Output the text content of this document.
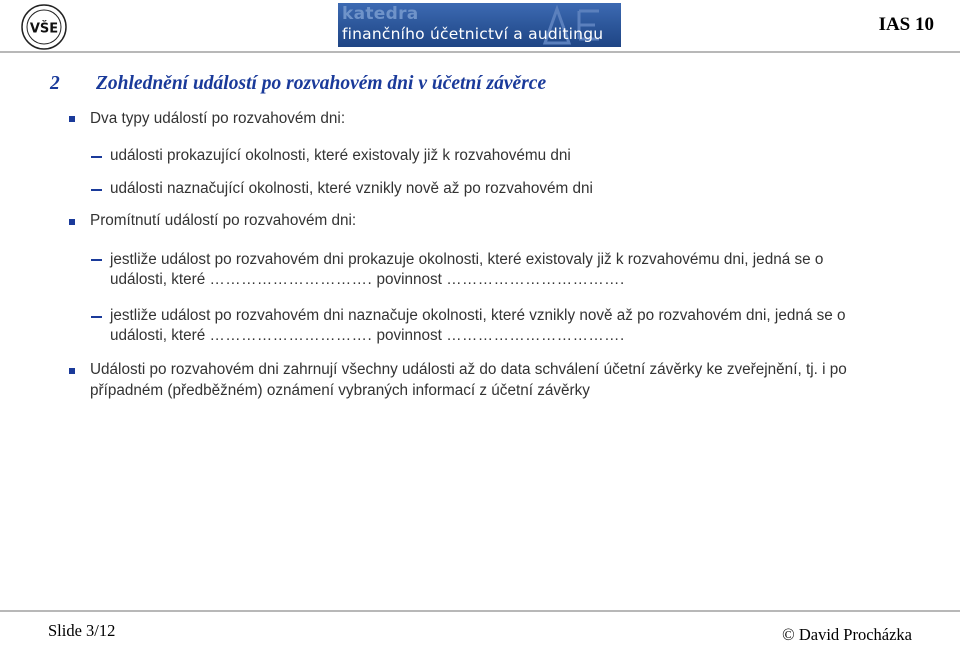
VŠE
katedra
finančního účetnictví a auditingu	IAS 10
2 Zohlednění událostí po rozvahovém dni v účetní závěrce
Dva typy událostí po rozvahovém dni:
události prokazující okolnosti, které existovaly již k rozvahovému dni
události naznačující okolnosti, které vznikly nově až po rozvahovém dni
Promítnutí událostí po rozvahovém dni:
jestliže událost po rozvahovém dni prokazuje okolnosti, které existovaly již k rozvahovému dni, jedná se o
události, které …………………………. povinnost …………………………….
jestliže událost po rozvahovém dni naznačuje okolnosti, které vznikly nově až po rozvahovém dni, jedná se o
události, které …………………………. povinnost …………………………….
Události po rozvahovém dni zahrnují všechny události až do data schválení účetní závěrky ke zveřejnění, tj. i po
případném (předběžném) oznámení vybraných informací z účetní závěrky
Slide 3/12	© David Procházka
